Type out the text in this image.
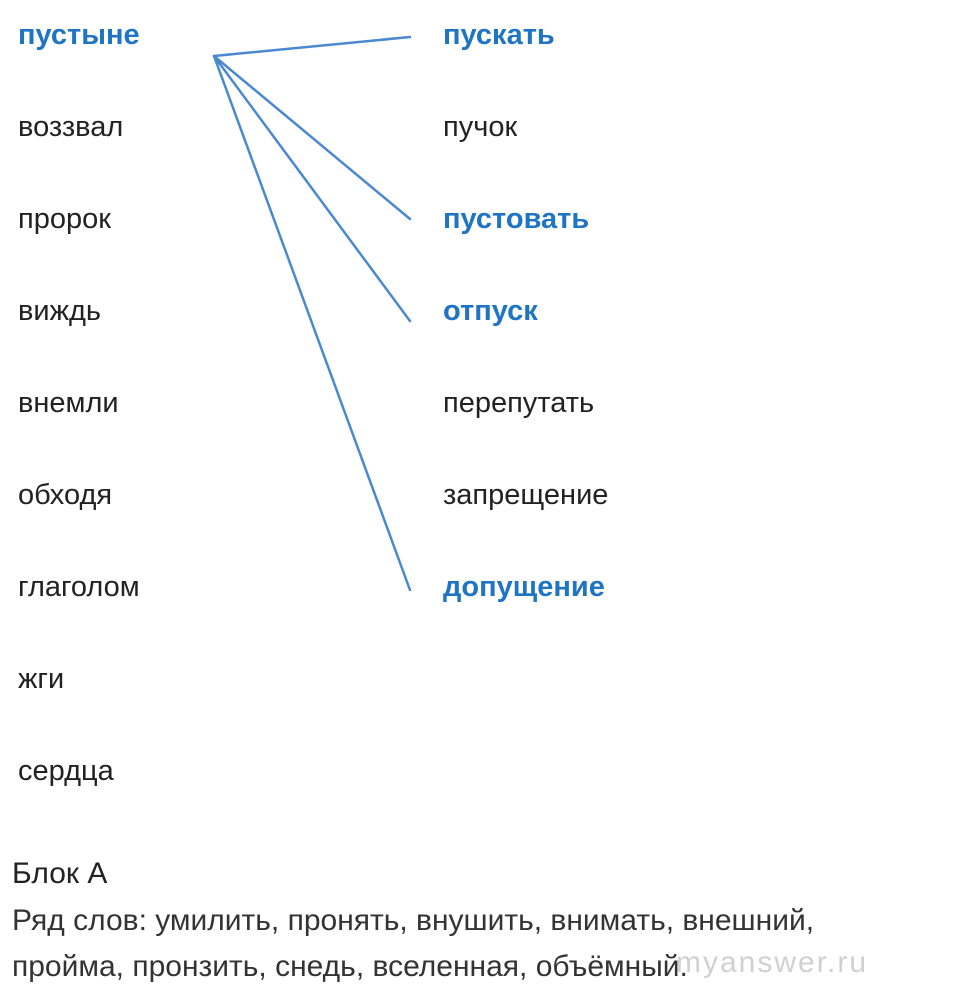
пустыне
воззвал
пророк
виждь
внемли
обходя
глаголом
жги
сердца
пускать
пучок
пустовать
отпуск
перепутать
запрещение
допущение
Блок А
Ряд слов: умилить, пронять, внушить, внимать, внешний,
пройма, пронзить, снедь, вселенная, объёмный.
myanswer.ru
